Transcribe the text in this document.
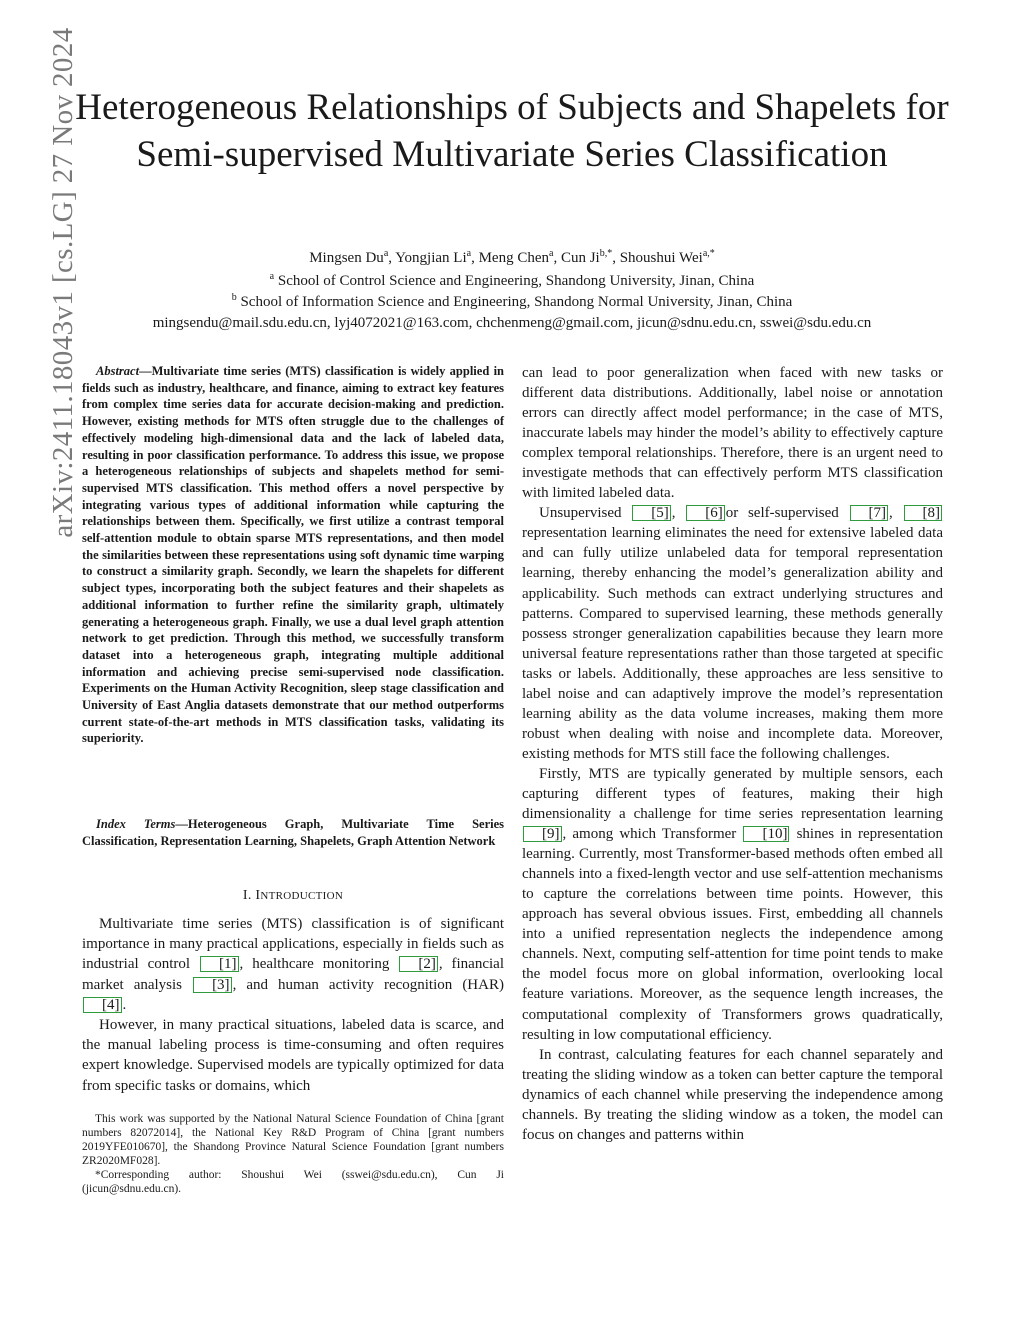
arXiv:2411.18043v1 [cs.LG] 27 Nov 2024
Heterogeneous Relationships of Subjects and Shapelets for Semi-supervised Multivariate Series Classification
Mingsen Du$^a$, Yongjian Li$^a$, Meng Chen$^a$, Cun $Ji^{b,*}$, Shoushui Wei$^{a,*}$
$^a$ School of Control Science and Engineering, Shandong University, Jinan, China
$^b$ School of Information Science and Engineering, Shandong Normal University, Jinan, China
mingsendu@mail.sdu.edu.cn, lyj4072021@163.com, chchenmeng@gmail.com, jicun@sdnu.edu.cn, sswei@sdu.edu.cn

Abstract—Multivariate time series (MTS) classification is widely applied in fields such as industry, healthcare, and finance, aiming to extract key features from complex time series data for accurate decision-making and prediction. However, existing methods for MTS often struggle due to the challenges of effectively modeling high-dimensional data and the lack of labeled data, resulting in poor classification performance. To address this issue, we propose a heterogeneous relationships of subjects and shapelets method for semi-supervised MTS classification. This method offers a novel perspective by integrating various types of additional information while capturing the relationships between them. Specifically, we first utilize a contrast temporal self-attention module to obtain sparse MTS representations, and then model the similarities between these representations using soft dynamic time warping to construct a similarity graph. Secondly, we learn the shapelets for different subject types, incorporating both the subject features and their shapelets as additional information to further refine the similarity graph, ultimately generating a heterogeneous graph. Finally, we use a dual level graph attention network to get prediction. Through this method, we successfully transform dataset into a heterogeneous graph, integrating multiple additional information and achieving precise semi-supervised node classification. Experiments on the Human Activity Recognition, sleep stage classification and University of East Anglia datasets demonstrate that our method outperforms current state-of-the-art methods in MTS classification tasks, validating its superiority.

Index Terms—Heterogeneous Graph, Multivariate Time Series Classification, Representation Learning, Shapelets, Graph Attention Network

I. INTRODUCTION

Multivariate time series (MTS) classification is of significant importance in many practical applications, especially in fields such as industrial control [1] , healthcare monitoring [2] , financial market analysis [3] , and human activity recognition (HAR) [4] .

However, in many practical situations, labeled data is scarce, and the manual labeling process is time-consuming and often requires expert knowledge. Supervised models are typically optimized for data from specific tasks or domains, which

This work was supported by the National Natural Science Foundation of China [grant numbers 82072014], the National Key R&D Program of China [grant numbers 2019YFE010670], the Shandong Province Natural Science Foundation [grant numbers ZR2020MF028].

*Corresponding author: Shoushui Wei (sswei@sdu.edu.cn), Cun Ji (jicun@sdnu.edu.cn).

can lead to poor generalization when faced with new tasks or different data distributions. Additionally, label noise or annotation errors can directly affect model performance; in the case of MTS, inaccurate labels may hinder the model’s ability to effectively capture complex temporal relationships. Therefore, there is an urgent need to investigate methods that can effectively perform MTS classification with limited labeled data.

Unsupervised [5] , [6] or self-supervised [7] , [8] representation learning eliminates the need for extensive labeled data and can fully utilize unlabeled data for temporal representation learning, thereby enhancing the model’s generalization ability and applicability. Such methods can extract underlying structures and patterns. Compared to supervised learning, these methods generally possess stronger generalization capabilities because they learn more universal feature representations rather than those targeted at specific tasks or labels. Additionally, these approaches are less sensitive to label noise and can adaptively improve the model’s representation learning ability as the data volume increases, making them more robust when dealing with noise and incomplete data. Moreover, existing methods for MTS still face the following challenges.

Firstly, MTS are typically generated by multiple sensors, each capturing different types of features, making their high dimensionality a challenge for time series representation learning [9] , among which Transformer [10] shines in representation learning. Currently, most Transformer-based methods often embed all channels into a fixed-length vector and use self-attention mechanisms to capture the correlations between time points. However, this approach has several obvious issues. First, embedding all channels into a unified representation neglects the independence among channels. Next, computing self-attention for time point tends to make the model focus more on global information, overlooking local feature variations. Moreover, as the sequence length increases, the computational complexity of Transformers grows quadratically, resulting in low computational efficiency.

In contrast, calculating features for each channel separately and treating the sliding window as a token can better capture the temporal dynamics of each channel while preserving the independence among channels. By treating the sliding window as a token, the model can focus on changes and patterns within
